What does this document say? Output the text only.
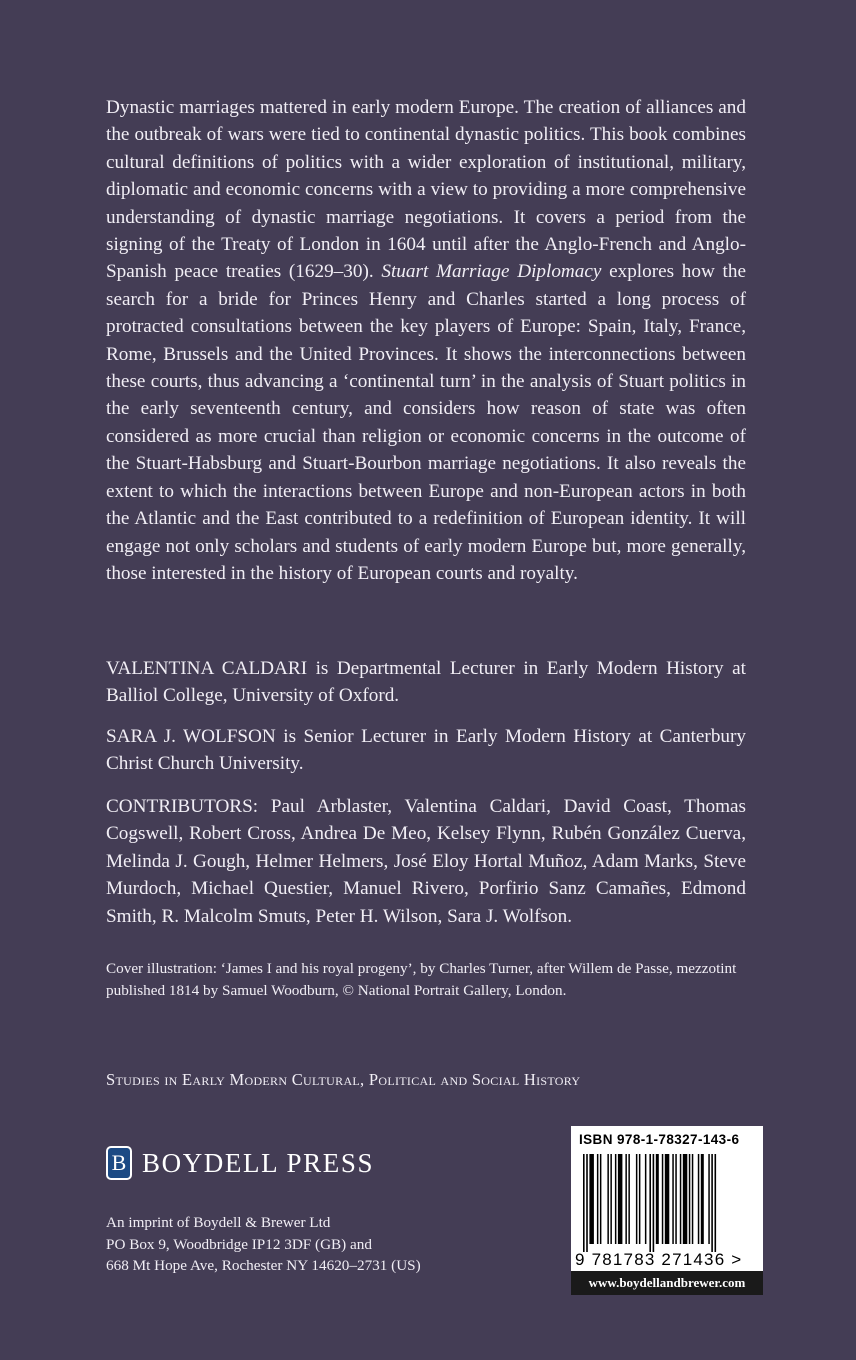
Dynastic marriages mattered in early modern Europe. The creation of alliances and the outbreak of wars were tied to continental dynastic politics. This book combines cultural definitions of politics with a wider exploration of institutional, military, diplomatic and economic concerns with a view to providing a more comprehensive understanding of dynastic marriage negotiations. It covers a period from the signing of the Treaty of London in 1604 until after the Anglo-French and Anglo-Spanish peace treaties (1629–30). Stuart Marriage Diplomacy explores how the search for a bride for Princes Henry and Charles started a long process of protracted consultations between the key players of Europe: Spain, Italy, France, Rome, Brussels and the United Provinces. It shows the interconnections between these courts, thus advancing a ‘continental turn’ in the analysis of Stuart politics in the early seventeenth century, and considers how reason of state was often considered as more crucial than religion or economic concerns in the outcome of the Stuart-Habsburg and Stuart-Bourbon marriage negotiations. It also reveals the extent to which the interactions between Europe and non-European actors in both the Atlantic and the East contributed to a redefinition of European identity. It will engage not only scholars and students of early modern Europe but, more generally, those interested in the history of European courts and royalty.

VALENTINA CALDARI is Departmental Lecturer in Early Modern History at Balliol College, University of Oxford.

SARA J. WOLFSON is Senior Lecturer in Early Modern History at Canterbury Christ Church University.

CONTRIBUTORS: Paul Arblaster, Valentina Caldari, David Coast, Thomas Cogswell, Robert Cross, Andrea De Meo, Kelsey Flynn, Rubén González Cuerva, Melinda J. Gough, Helmer Helmers, José Eloy Hortal Muñoz, Adam Marks, Steve Murdoch, Michael Questier, Manuel Rivero, Porfirio Sanz Camañes, Edmond Smith, R. Malcolm Smuts, Peter H. Wilson, Sara J. Wolfson.

Cover illustration: ‘James I and his royal progeny’, by Charles Turner, after Willem de Passe, mezzotint published 1814 by Samuel Woodburn, © National Portrait Gallery, London.

Studies in Early Modern Cultural, Political and Social History

B BOYDELL PRESS

An imprint of Boydell & Brewer Ltd
PO Box 9, Woodbridge IP12 3DF (GB) and
668 Mt Hope Ave, Rochester NY 14620–2731 (US)

ISBN 978-1-78327-143-6
9 781783 271436 >
www.boydellandbrewer.com
